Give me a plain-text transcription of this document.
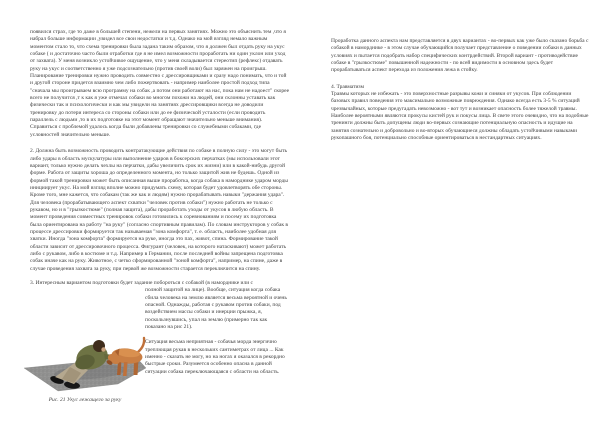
появился страх, где то даже в большей степени, нежели на первых занятиях. Можно это объяснить тем ,что я набрал больше информации ,увидел все свои недостатки и т.д. Однако на мой взгляд немало важным моментом стало то, что схема тренировки была задана таким образом, что я должен был отдать руку на укус собаке ( и достаточно часто были отработки где я не имел возможности проработать ни один уклон или уход от захвата). У меня возникло устойчивое ощущение, что у меня складывается стереотип (рефлекс) отдавать руку на укус и соответственно я уже подсознательно (против своей воли) был заряжен на проигрыш. Планирование тренировки нужно проводить совместно с дрессировщиками и сразу надо понимать, что и той и другой стороне придется взаимно чем либо пожертвовать - например наиболее простой подход типа "сначала мы проигрываем всю программу на собак ,а потом они работают на нас, пока нам не надоест" скорее всего не получится ,т к как я уже отмечал собаки во многом похожи на людей, они склонны уставать как физически так и психологически и как мы увидели на занятиях дрессировщики всегда не доводили тренировку до потери интереса со стороны собаки или до ее физической усталости (если проводить параллель с людьми ,то в их подготовке на этот момент обращают значительно меньше внимания). Справиться с проблемой удалось когда были добавлены тренировки со служебными собаками, где условностей значительно меньше.

2. Должна быть возможность проводить контратакующие действия по собаке в полную силу - это могут быть либо удары в область мускулатуры или выполнение ударов в боксерских перчатках (мы использовали этот вариант, только нужно делать чехлы на перчатки, дабы увеличить срок их жизни) или в какой-нибудь другой форме. Работа от защиты хороша до определенного момента, но только защитой жив не будешь. Одной из формой такой тренировки может быть описанная выше проработка, когда собака в наморднике ударом морды инициирует укус. На мой взгляд вполне можно придумать схему, которая будет удовлетворять обе стороны. Кроме того, мне кажется, что собакам (так же как и людям) нужно прорабатывать навыки "держания удара". Для человека (прорабатывающего аспект схватки "человек против собаки") нужно работать не только с рукавом, но и в "грызкостюме" (полная защита), дабы проработать уходы от укусов в любую область. В момент проведения совместных тренировок собаки готовились к соревнованиям и посему их подготовка была ориентирована на работу "на руку" (согласно спортивным правилам). По словам инструкторов у собак в процессе дрессировки формируется так называемая "зона комфорта", т. е. область, наиболее удобная для хватки. Иногда "зона комфорта" формируется на руке, иногда это пах, живот, спина. Формирование такой области зависит от дрессировочного процесса. Фигурант (человек, на которого натаскивают) может работать либо с рукавом, либо в костюме и т.д. Например в Германии, после последней войны запрещена подготовка собак иначе как на руку. Животное, с четко сформированной "зоной комфорта", например, на спине, даже в случае проведения захвата за руку, при первой же возможности старается переключится на спину.

3. Интересным вариантом подготовки будет задание побороться с собакой (в наморднике или с

Рис. 21 Укус лежащего за руку

полной защитой на лице). Вообще, ситуация когда собака сбила человека на землю является весьма вероятной и очень опасной. Однажды, работая с рукавом против собаки, под воздействием массы собаки и инерции прыжка, я, поскользнувшись, упал на землю (примерно так как показано на рис 21).

Ситуация весьма неприятная - собачья морда энергично треплющая рукав в нескольких сантиметрах от лица ... Как именно - сказать не могу, но на ногах я оказался в рекордно быстрые сроки. Разумеется особенно опасна в данной ситуации собака переключающаяся с области на область.

Проработка данного аспекта нам представляется в двух вариантах - во-первых как уже было сказано борьба с собакой в наморднике - в этом случае обучающийся получает представление о поведении собаки в данных условиях и пытается подобрать набор специфических контрдействий. Второй вариант - противодействие собаке в "грызкостюме" повышенной надежности - по всей видимости в основном здесь будет прорабатываться аспект перехода из положения лежа в стойку.

4. Травматизм

Травмы которых не избежать - это поверхностные разрывы кожи и синяки от укусов. При соблюдении базовых правил поведения это максимально возможные повреждения. Однако всегда есть 3-5 % ситуаций чрезвычайных, которые предугадать невозможно - вот тут и возникает опасность более тяжелой травмы. Наиболее вероятными являются прокусы кистей рук и покусы лица. В свете этого очевидно, что на подобные тренинги должны быть допущены люди во-первых сознающие потенциальную опасность и идущие на занятия сознательно и добровольно и во-вторых обучающиеся должны обладать устойчивыми навыками рукопашного боя, потенциально способные ориентироваться в нестандартных ситуациях.
